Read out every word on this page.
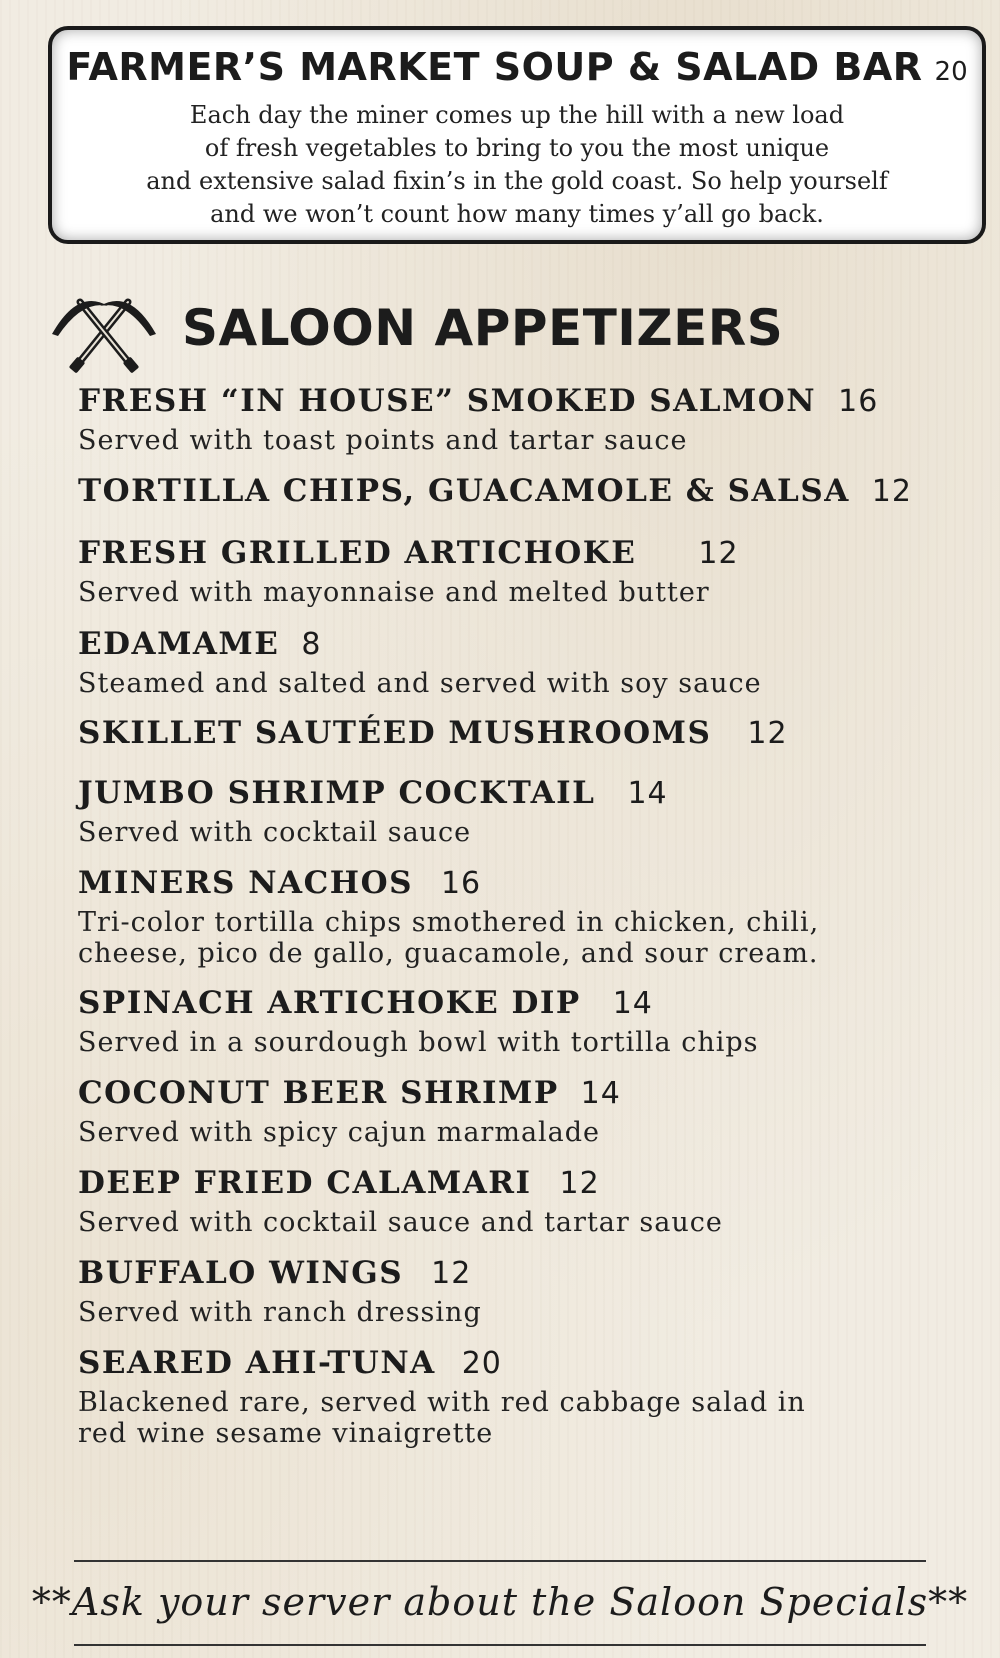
FARMER’S MARKET SOUP & SALAD BAR 20
Each day the miner comes up the hill with a new load
of fresh vegetables to bring to you the most unique
and extensive salad fixin’s in the gold coast. So help yourself
and we won’t count how many times y’all go back.
SALOON APPETIZERS
FRESH “IN HOUSE” SMOKED SALMON 16
Served with toast points and tartar sauce
TORTILLA CHIPS, GUACAMOLE & SALSA 12
FRESH GRILLED ARTICHOKE 12
Served with mayonnaise and melted butter
EDAMAME 8
Steamed and salted and served with soy sauce
SKILLET SAUTÉED MUSHROOMS 12
JUMBO SHRIMP COCKTAIL 14
Served with cocktail sauce
MINERS NACHOS 16
Tri-color tortilla chips smothered in chicken, chili,
cheese, pico de gallo, guacamole, and sour cream.
SPINACH ARTICHOKE DIP 14
Served in a sourdough bowl with tortilla chips
COCONUT BEER SHRIMP 14
Served with spicy cajun marmalade
DEEP FRIED CALAMARI 12
Served with cocktail sauce and tartar sauce
BUFFALO WINGS 12
Served with ranch dressing
SEARED AHI-TUNA 20
Blackened rare, served with red cabbage salad in
red wine sesame vinaigrette
**Ask your server about the Saloon Specials**
